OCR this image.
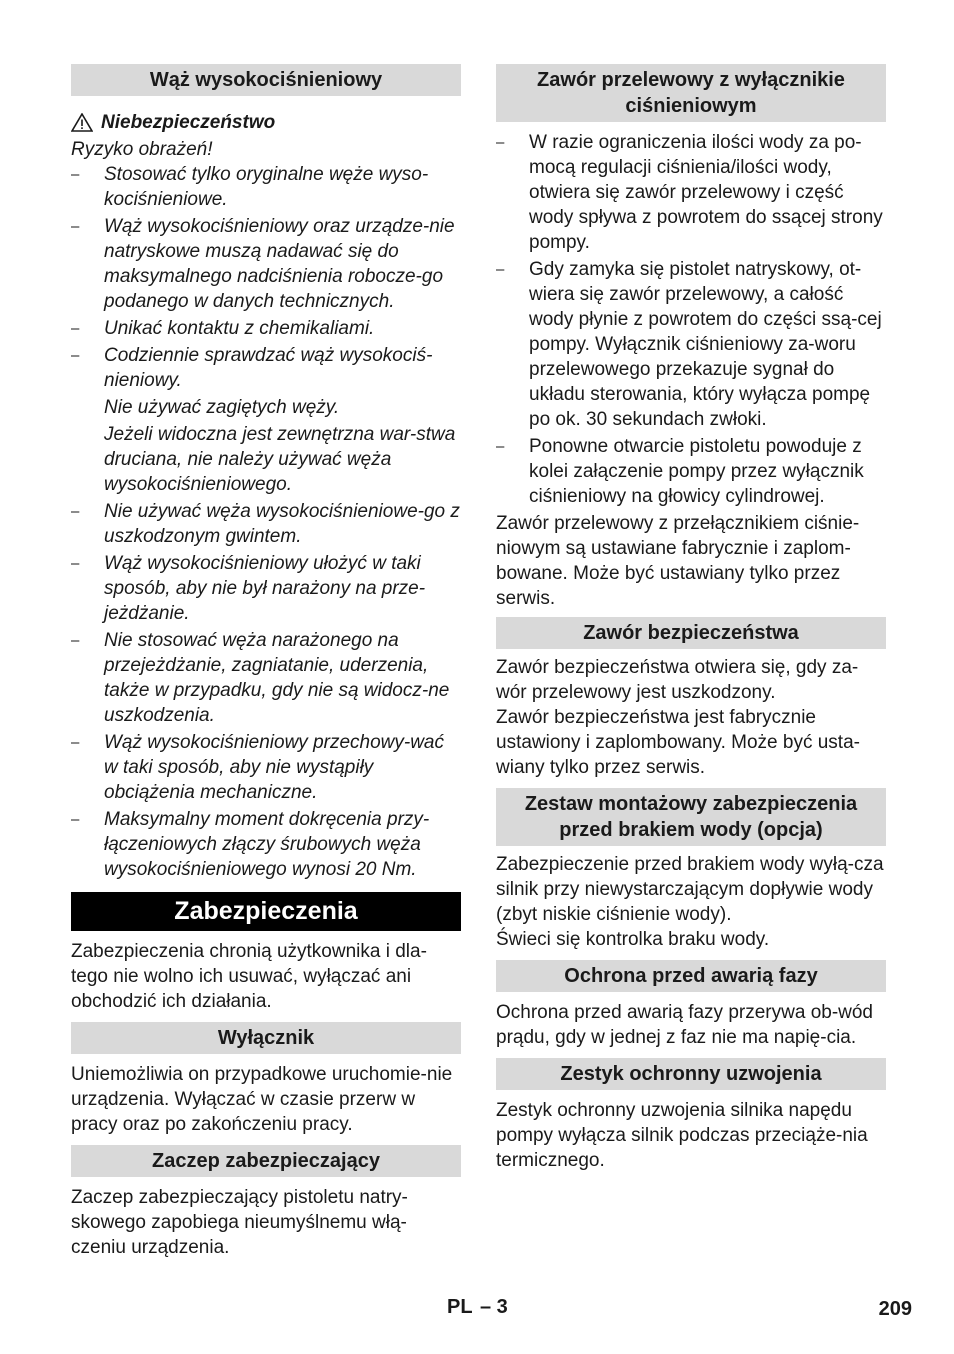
Wąż wysokociśnieniowy

Niebezpieczeństwo

Ryzyko obrażeń!

– Stosować tylko oryginalne węże wyso-kociśnieniowe.
– Wąż wysokociśnieniowy oraz urządze-nie natryskowe muszą nadawać się do maksymalnego nadciśnienia robocze-go podanego w danych technicznych.
– Unikać kontaktu z chemikaliami.
– Codziennie sprawdzać wąż wysokociś-nieniowy.

Nie używać zagiętych węży.

Jeżeli widoczna jest zewnętrzna war-stwa druciana, nie należy używać węża wysokociśnieniowego.

– Nie używać węża wysokociśnieniowe-go z uszkodzonym gwintem.
– Wąż wysokociśnieniowy ułożyć w taki sposób, aby nie był narażony na prze-jeżdżanie.
– Nie stosować węża narażonego na przejeżdżanie, zagniatanie, uderzenia, także w przypadku, gdy nie są widocz-ne uszkodzenia.
– Wąż wysokociśnieniowy przechowy-wać w taki sposób, aby nie wystąpiły obciążenia mechaniczne.
– Maksymalny moment dokręcenia przy-łączeniowych złączy śrubowych węża wysokociśnieniowego wynosi 20 Nm.
Zabezpieczenia

Zabezpieczenia chronią użytkownika i dla-tego nie wolno ich usuwać, wyłączać ani obchodzić ich działania.

Wyłącznik

Uniemożliwia on przypadkowe uruchomie-nie urządzenia. Wyłączać w czasie przerw w pracy oraz po zakończeniu pracy.

Zaczep zabezpieczający

Zaczep zabezpieczający pistoletu natry-skowego zapobiega nieumyślnemu włą-czeniu urządzenia.

Zawór przelewowy z wyłącznikie ciśnieniowym
– W razie ograniczenia ilości wody za po-mocą regulacji ciśnienia/ilości wody, otwiera się zawór przelewowy i część wody spływa z powrotem do ssącej strony pompy.
– Gdy zamyka się pistolet natryskowy, ot-wiera się zawór przelewowy, a całość wody płynie z powrotem do części ssą-cej pompy. Wyłącznik ciśnieniowy za-woru przelewowego przekazuje sygnał do układu sterowania, który wyłącza pompę po ok. 30 sekundach zwłoki.
– Ponowne otwarcie pistoletu powoduje z kolei załączenie pompy przez wyłącznik ciśnieniowy na głowicy cylindrowej.

Zawór przelewowy z przełącznikiem ciśnie-niowym są ustawiane fabrycznie i zaplom-bowane. Może być ustawiany tylko przez serwis.

Zawór bezpieczeństwa

Zawór bezpieczeństwa otwiera się, gdy za-wór przelewowy jest uszkodzony.

Zawór bezpieczeństwa jest fabrycznie ustawiony i zaplombowany. Może być usta-wiany tylko przez serwis.

Zestaw montażowy zabezpieczenia przed brakiem wody (opcja)

Zabezpieczenie przed brakiem wody wyłą-cza silnik przy niewystarczającym dopływie wody (zbyt niskie ciśnienie wody).

Świeci się kontrolka braku wody.

Ochrona przed awarią fazy

Ochrona przed awarią fazy przerywa ob-wód prądu, gdy w jednej z faz nie ma napię-cia.

Zestyk ochronny uzwojenia

Zestyk ochronny uzwojenia silnika napędu pompy wyłącza silnik podczas przeciąże-nia termicznego.

PL – 3	209
